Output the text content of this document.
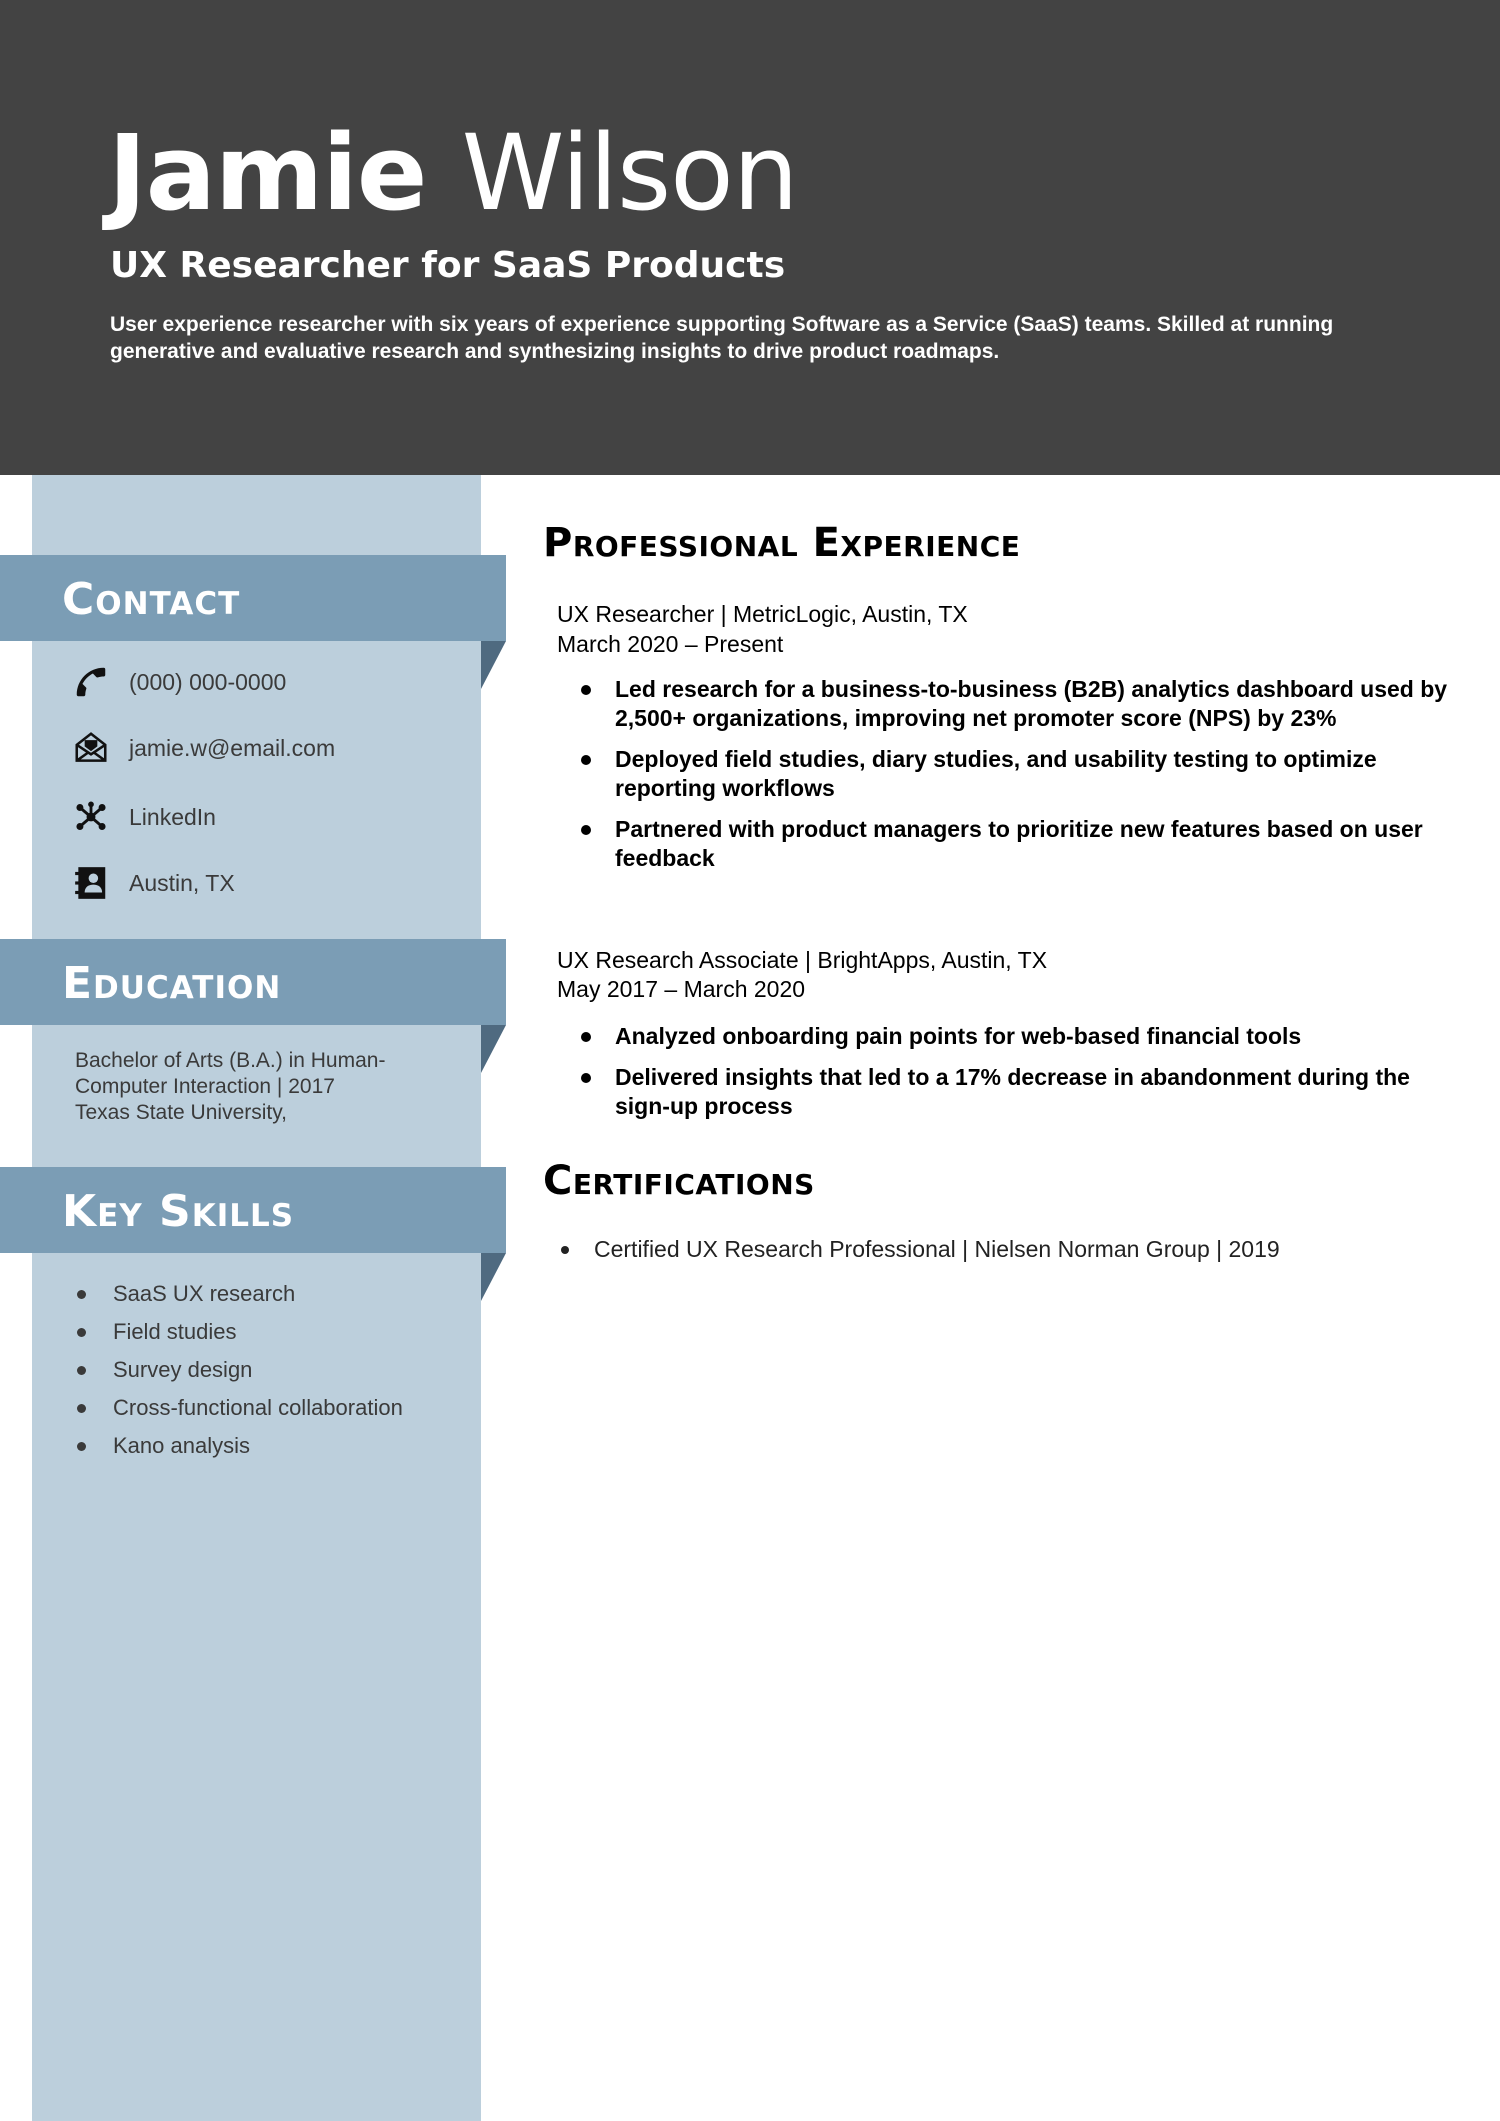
Jamie Wilson
UX Researcher for SaaS Products

User experience researcher with six years of experience supporting Software as a Service (SaaS) teams. Skilled at running generative and evaluative research and synthesizing insights to drive product roadmaps.

Contact
(000) 000-0000
jamie.w@email.com
LinkedIn
Austin, TX
Education
Bachelor of Arts (B.A.) in Human-
Computer Interaction | 2017
Texas State University,
Key Skills
SaaS UX research
Field studies
Survey design
Cross-functional collaboration
Kano analysis
Professional Experience
UX Researcher | MetricLogic, Austin, TX
March 2020 – Present
Led research for a business-to-business (B2B) analytics dashboard used by 2,500+ organizations, improving net promoter score (NPS) by 23%
Deployed field studies, diary studies, and usability testing to optimize reporting workflows
Partnered with product managers to prioritize new features based on user feedback
UX Research Associate | BrightApps, Austin, TX
May 2017 – March 2020
Analyzed onboarding pain points for web-based financial tools
Delivered insights that led to a 17% decrease in abandonment during the sign-up process
Certifications
Certified UX Research Professional | Nielsen Norman Group | 2019
